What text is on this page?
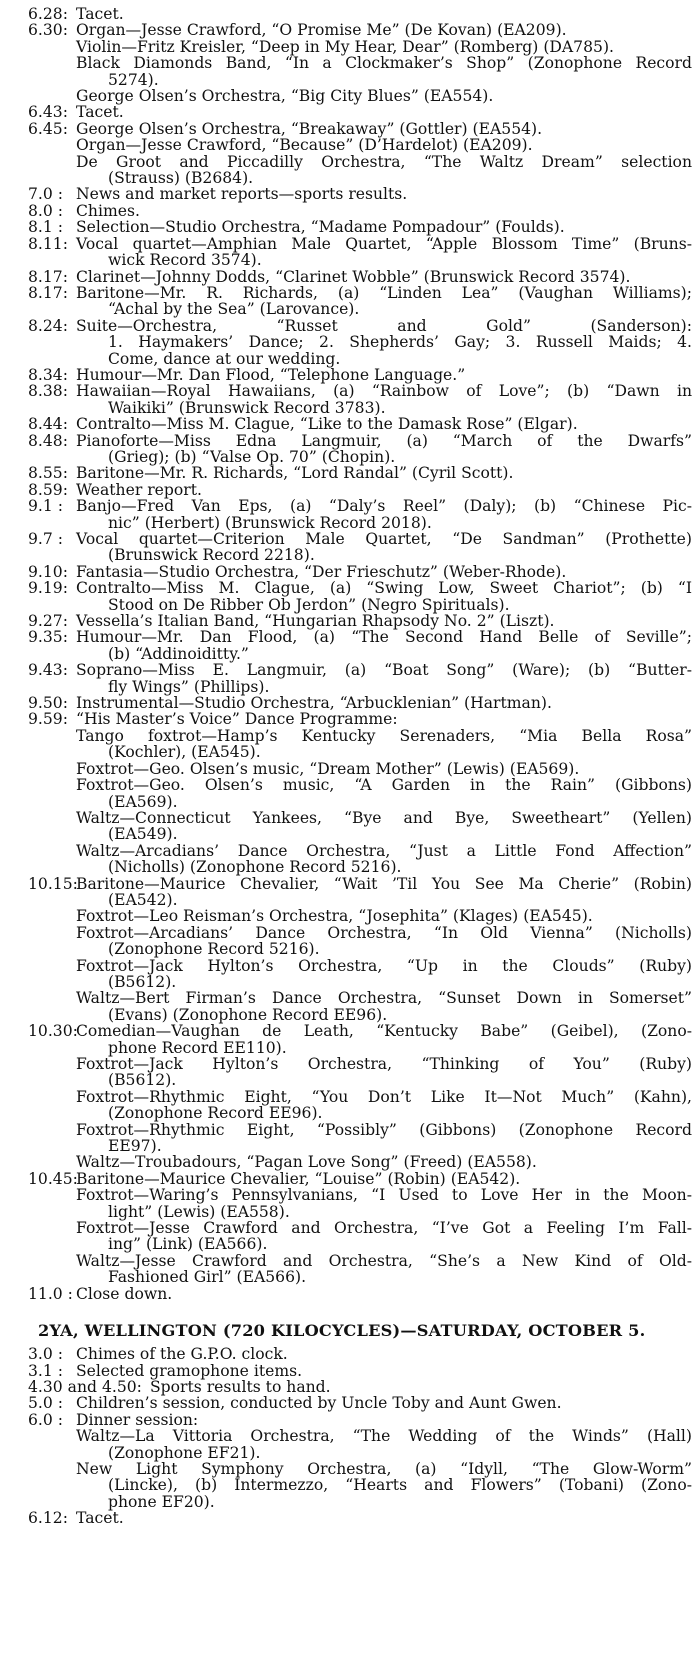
6.28: Tacet.
6.30: Organ—Jesse Crawford, “O Promise Me” (De Kovan) (EA209).
Violin—Fritz Kreisler, “Deep in My Hear, Dear” (Romberg) (DA785).
Black Diamonds Band, “In a Clockmaker’s Shop” (Zonophone Record
5274).
George Olsen’s Orchestra, “Big City Blues” (EA554).
6.43: Tacet.
6.45: George Olsen’s Orchestra, “Breakaway” (Gottler) (EA554).
Organ—Jesse Crawford, “Because” (D’Hardelot) (EA209).
De Groot and Piccadilly Orchestra, “The Waltz Dream” selection
(Strauss) (B2684).
7.0 : News and market reports—sports results.
8.0 : Chimes.
8.1 : Selection—Studio Orchestra, “Madame Pompadour” (Foulds).
8.11: Vocal quartet—Amphian Male Quartet, “Apple Blossom Time” (Bruns-
wick Record 3574).
8.17: Clarinet—Johnny Dodds, “Clarinet Wobble” (Brunswick Record 3574).
8.17: Baritone—Mr. R. Richards, (a) “Linden Lea” (Vaughan Williams);
“Achal by the Sea” (Larovance).
8.24: Suite—Orchestra, “Russet and Gold” (Sanderson):
1. Haymakers’ Dance; 2. Shepherds’ Gay; 3. Russell Maids; 4.
Come, dance at our wedding.
8.34: Humour—Mr. Dan Flood, “Telephone Language.”
8.38: Hawaiian—Royal Hawaiians, (a) “Rainbow of Love”; (b) “Dawn in
Waikiki” (Brunswick Record 3783).
8.44: Contralto—Miss M. Clague, “Like to the Damask Rose” (Elgar).
8.48: Pianoforte—Miss Edna Langmuir, (a) “March of the Dwarfs”
(Grieg); (b) “Valse Op. 70” (Chopin).
8.55: Baritone—Mr. R. Richards, “Lord Randal” (Cyril Scott).
8.59: Weather report.
9.1 : Banjo—Fred Van Eps, (a) “Daly’s Reel” (Daly); (b) “Chinese Pic-
nic” (Herbert) (Brunswick Record 2018).
9.7 : Vocal quartet—Criterion Male Quartet, “De Sandman” (Prothette)
(Brunswick Record 2218).
9.10: Fantasia—Studio Orchestra, “Der Frieschutz” (Weber-Rhode).
9.19: Contralto—Miss M. Clague, (a) “Swing Low, Sweet Chariot”; (b) “I
Stood on De Ribber Ob Jerdon” (Negro Spirituals).
9.27: Vessella’s Italian Band, “Hungarian Rhapsody No. 2” (Liszt).
9.35: Humour—Mr. Dan Flood, (a) “The Second Hand Belle of Seville”;
(b) “Addinoiditty.”
9.43: Soprano—Miss E. Langmuir, (a) “Boat Song” (Ware); (b) “Butter-
fly Wings” (Phillips).
9.50: Instrumental—Studio Orchestra, “Arbucklenian” (Hartman).
9.59: “His Master’s Voice” Dance Programme:
Tango foxtrot—Hamp’s Kentucky Serenaders, “Mia Bella Rosa”
(Kochler), (EA545).
Foxtrot—Geo. Olsen’s music, “Dream Mother” (Lewis) (EA569).
Foxtrot—Geo. Olsen’s music, “A Garden in the Rain” (Gibbons)
(EA569).
Waltz—Connecticut Yankees, “Bye and Bye, Sweetheart” (Yellen)
(EA549).
Waltz—Arcadians’ Dance Orchestra, “Just a Little Fond Affection”
(Nicholls) (Zonophone Record 5216).
10.15:
Baritone—Maurice Chevalier, “Wait ’Til You See Ma Cherie” (Robin)
(EA542).
Foxtrot—Leo Reisman’s Orchestra, “Josephita” (Klages) (EA545).
Foxtrot—Arcadians’ Dance Orchestra, “In Old Vienna” (Nicholls)
(Zonophone Record 5216).
Foxtrot—Jack Hylton’s Orchestra, “Up in the Clouds” (Ruby)
(B5612).
Waltz—Bert Firman’s Dance Orchestra, “Sunset Down in Somerset”
(Evans) (Zonophone Record EE96).
10.30:
Comedian—Vaughan de Leath, “Kentucky Babe” (Geibel), (Zono-
phone Record EE110).
Foxtrot—Jack Hylton’s Orchestra, “Thinking of You” (Ruby)
(B5612).
Foxtrot—Rhythmic Eight, “You Don’t Like It—Not Much” (Kahn),
(Zonophone Record EE96).
Foxtrot—Rhythmic Eight, “Possibly” (Gibbons) (Zonophone Record
EE97).
Waltz—Troubadours, “Pagan Love Song” (Freed) (EA558).
10.45:
Baritone—Maurice Chevalier, “Louise” (Robin) (EA542).
Foxtrot—Waring’s Pennsylvanians, “I Used to Love Her in the Moon-
light” (Lewis) (EA558).
Foxtrot—Jesse Crawford and Orchestra, “I’ve Got a Feeling I’m Fall-
ing” (Link) (EA566).
Waltz—Jesse Crawford and Orchestra, “She’s a New Kind of Old-
Fashioned Girl” (EA566).
11.0 : Close down.
2YA, WELLINGTON (720 KILOCYCLES)—SATURDAY, OCTOBER 5.
3.0 : Chimes of the G.P.O. clock.
3.1 : Selected gramophone items.
4.30 and 4.50: Sports results to hand.
5.0 : Children’s session, conducted by Uncle Toby and Aunt Gwen.
6.0 : Dinner session:
Waltz—La Vittoria Orchestra, “The Wedding of the Winds” (Hall)
(Zonophone EF21).
New Light Symphony Orchestra, (a) “Idyll, “The Glow-Worm”
(Lincke), (b) Intermezzo, “Hearts and Flowers” (Tobani) (Zono-
phone EF20).
6.12: Tacet.
